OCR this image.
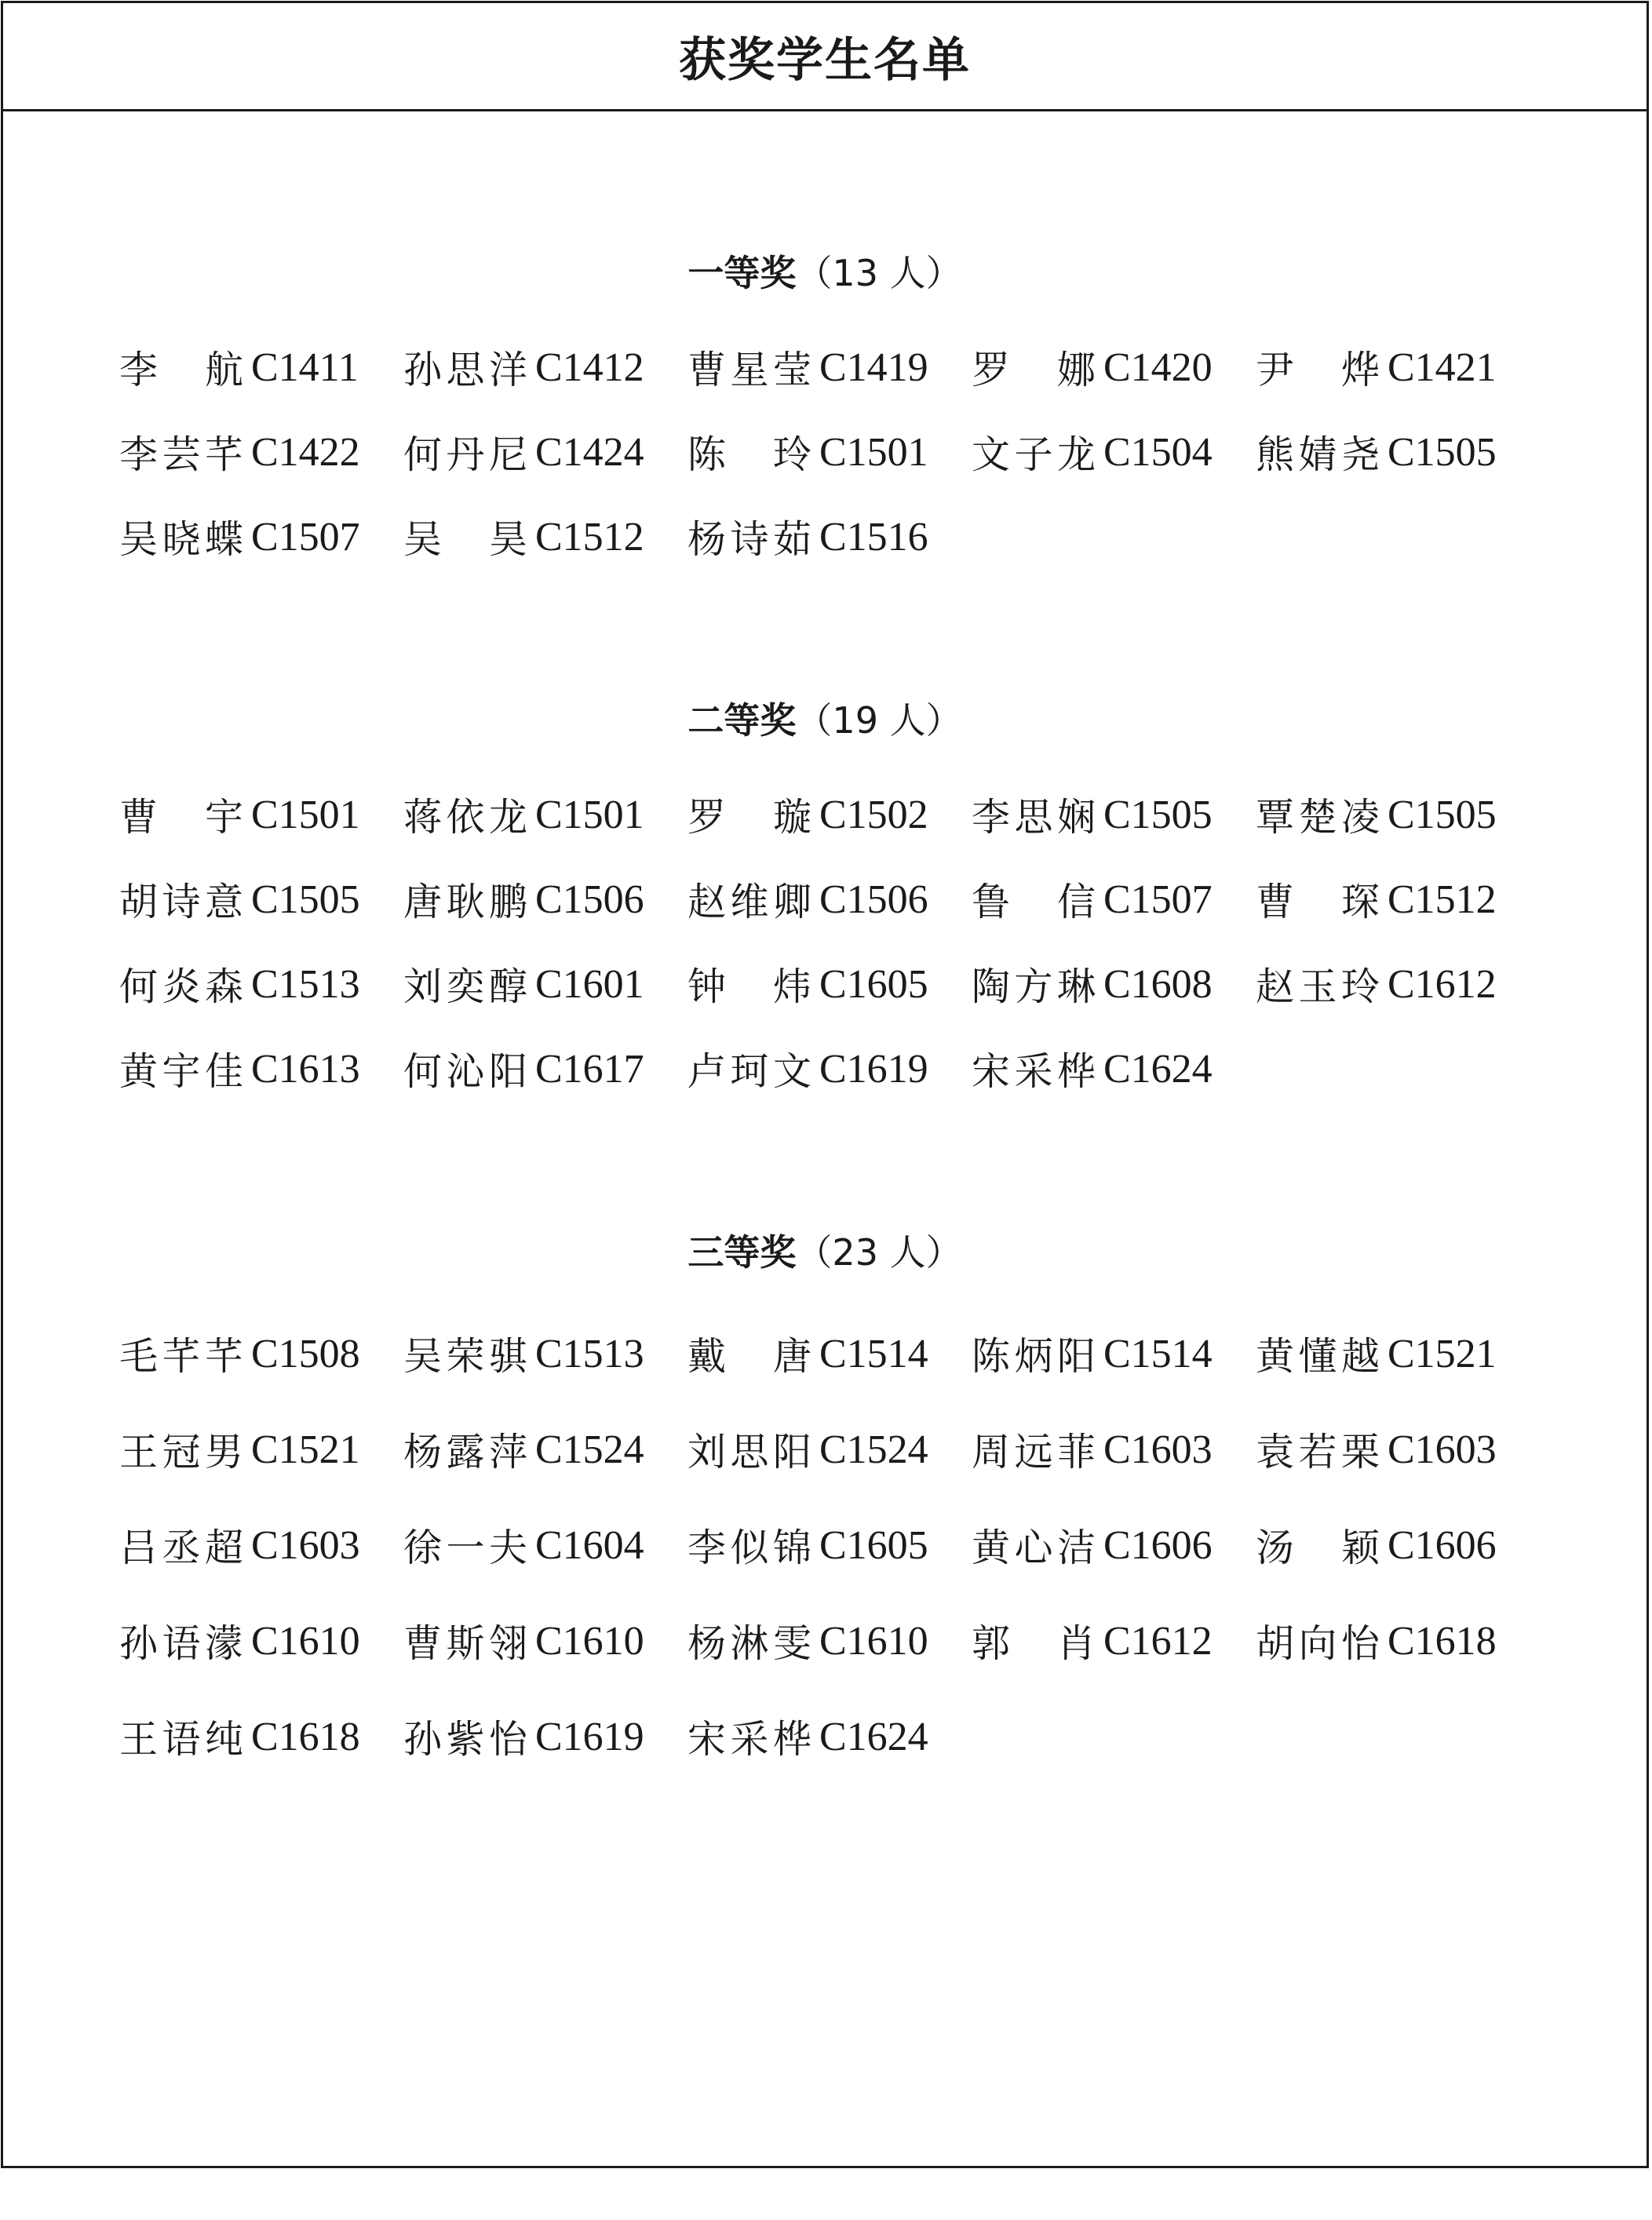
获奖学生名单
一等奖（13 人）
李　航 C1411 孙思洋 C1412 曹星莹 C1419 罗　娜 C1420 尹　烨 C1421
李芸芊 C1422 何丹尼 C1424 陈　玲 C1501 文子龙 C1504 熊婧尧 C1505
吴晓蝶 C1507 吴　昊 C1512 杨诗茹 C1516
二等奖（19 人）
曹　宇 C1501 蒋依龙 C1501 罗　璇 C1502 李思娴 C1505 覃楚凌 C1505
胡诗意 C1505 唐耿鹏 C1506 赵维卿 C1506 鲁　信 C1507 曹　琛 C1512
何炎森 C1513 刘奕醇 C1601 钟　炜 C1605 陶方琳 C1608 赵玉玲 C1612
黄宇佳 C1613 何沁阳 C1617 卢珂文 C1619 宋采桦 C1624
三等奖（23 人）
毛芊芊 C1508 吴荣骐 C1513 戴　唐 C1514 陈炳阳 C1514 黄懂越 C1521
王冠男 C1521 杨露萍 C1524 刘思阳 C1524 周远菲 C1603 袁若栗 C1603
吕丞超 C1603 徐一夫 C1604 李似锦 C1605 黄心洁 C1606 汤　颖 C1606
孙语濛 C1610 曹斯翎 C1610 杨淋雯 C1610 郭　肖 C1612 胡向怡 C1618
王语纯 C1618 孙紫怡 C1619 宋采桦 C1624
